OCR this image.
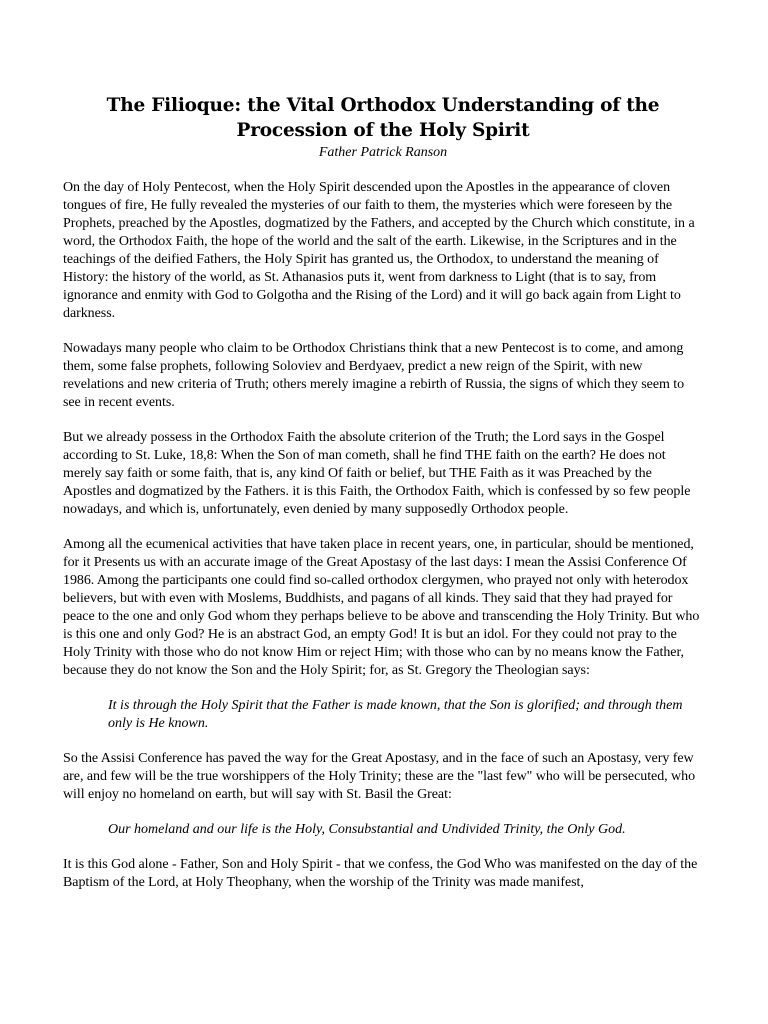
The Filioque: the Vital Orthodox Understanding of the Procession of the Holy Spirit
Father Patrick Ranson

On the day of Holy Pentecost, when the Holy Spirit descended upon the Apostles in the appearance of cloven tongues of fire, He fully revealed the mysteries of our faith to them, the mysteries which were foreseen by the Prophets, preached by the Apostles, dogmatized by the Fathers, and accepted by the Church which constitute, in a word, the Orthodox Faith, the hope of the world and the salt of the earth. Likewise, in the Scriptures and in the teachings of the deified Fathers, the Holy Spirit has granted us, the Orthodox, to understand the meaning of History: the history of the world, as St. Athanasios puts it, went from darkness to Light (that is to say, from ignorance and enmity with God to Golgotha and the Rising of the Lord) and it will go back again from Light to darkness.

Nowadays many people who claim to be Orthodox Christians think that a new Pentecost is to come, and among them, some false prophets, following Soloviev and Berdyaev, predict a new reign of the Spirit, with new revelations and new criteria of Truth; others merely imagine a rebirth of Russia, the signs of which they seem to see in recent events.

But we already possess in the Orthodox Faith the absolute criterion of the Truth; the Lord says in the Gospel according to St. Luke, 18,8: When the Son of man cometh, shall he find THE faith on the earth? He does not merely say faith or some faith, that is, any kind Of faith or belief, but THE Faith as it was Preached by the Apostles and dogmatized by the Fathers. it is this Faith, the Orthodox Faith, which is confessed by so few people nowadays, and which is, unfortunately, even denied by many supposedly Orthodox people.

Among all the ecumenical activities that have taken place in recent years, one, in particular, should be mentioned, for it Presents us with an accurate image of the Great Apostasy of the last days: I mean the Assisi Conference Of 1986. Among the participants one could find so-called orthodox clergymen, who prayed not only with heterodox believers, but with even with Moslems, Buddhists, and pagans of all kinds. They said that they had prayed for peace to the one and only God whom they perhaps believe to be above and transcending the Holy Trinity. But who is this one and only God? He is an abstract God, an empty God! It is but an idol. For they could not pray to the Holy Trinity with those who do not know Him or reject Him; with those who can by no means know the Father, because they do not know the Son and the Holy Spirit; for, as St. Gregory the Theologian says:

It is through the Holy Spirit that the Father is made known, that the Son is glorified; and through them only is He known.

So the Assisi Conference has paved the way for the Great Apostasy, and in the face of such an Apostasy, very few are, and few will be the true worshippers of the Holy Trinity; these are the "last few" who will be persecuted, who will enjoy no homeland on earth, but will say with St. Basil the Great:

Our homeland and our life is the Holy, Consubstantial and Undivided Trinity, the Only God.

It is this God alone - Father, Son and Holy Spirit - that we confess, the God Who was manifested on the day of the Baptism of the Lord, at Holy Theophany, when the worship of the Trinity was made manifest,
